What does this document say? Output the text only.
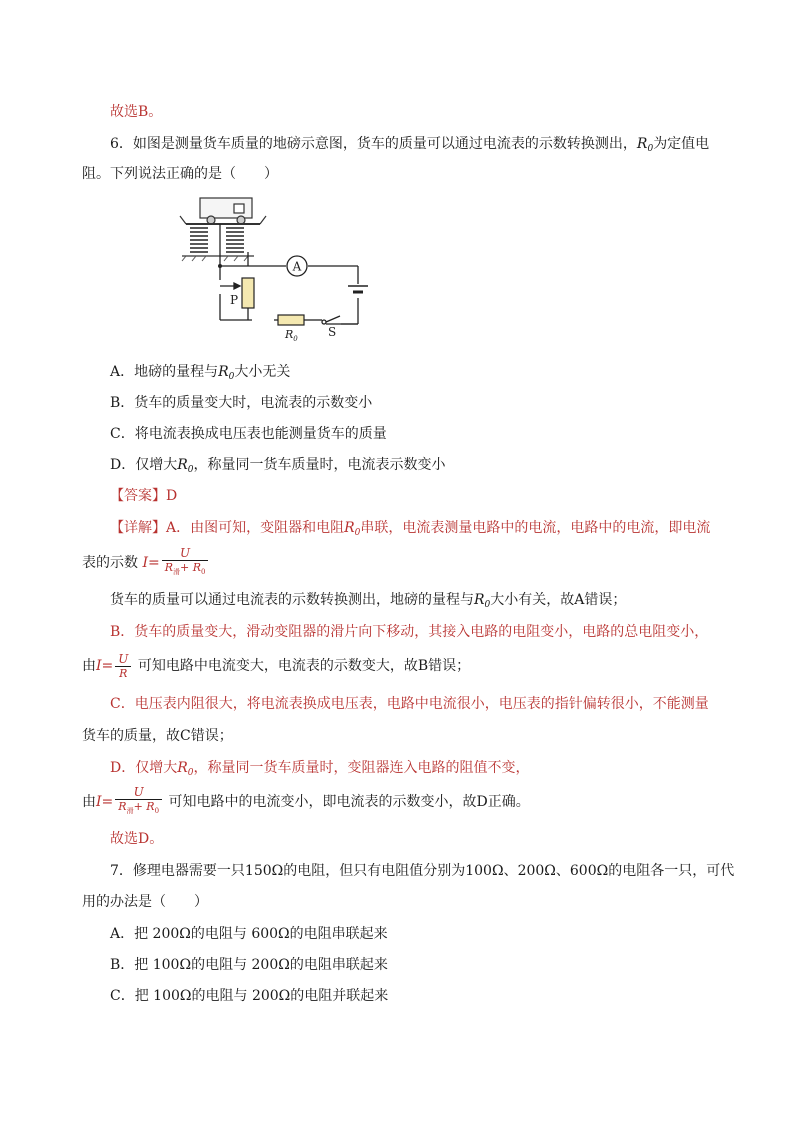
故选B。
6．如图是测量货车质量的地磅示意图，货车的质量可以通过电流表的示数转换测出，$R_0$为定值电
阻。下列说法正确的是（　　）
A
P
$R_0$	S
A．地磅的量程与$R_0$大小无关
B．货车的质量变大时，电流表的示数变小
C．将电流表换成电压表也能测量货车的质量
D．仅增大$R_0$，称量同一货车质量时，电流表示数变小
【答案】D
【详解】A．由图可知，变阻器和电阻$R_0$串联，电流表测量电路中的电流，电路中的电流，即电流
表的示数 $I= \frac{U}{R_滑+ R_0}$
货车的质量可以通过电流表的示数转换测出，地磅的量程与$R_0$大小有关，故A错误；
B．货车的质量变大，滑动变阻器的滑片向下移动，其接入电路的电阻变小，电路的总电阻变小，
由$I= \frac{U}{R}$ 可知电路中电流变大，电流表的示数变大，故B错误；
C．电压表内阻很大，将电流表换成电压表，电路中电流很小，电压表的指针偏转很小，不能测量
货车的质量，故C错误；
D．仅增大$R_0$，称量同一货车质量时，变阻器连入电路的阻值不变，
由$I= \frac{U}{R_滑+ R_0}$ 可知电路中的电流变小，即电流表的示数变小，故D正确。
故选D。
7．修理电器需要一只150Ω的电阻，但只有电阻值分别为100Ω、200Ω、600Ω的电阻各一只，可代
用的办法是（　　）
A．把 200Ω的电阻与 600Ω的电阻串联起来
B．把 100Ω的电阻与 200Ω的电阻串联起来
C．把 100Ω的电阻与 200Ω的电阻并联起来
